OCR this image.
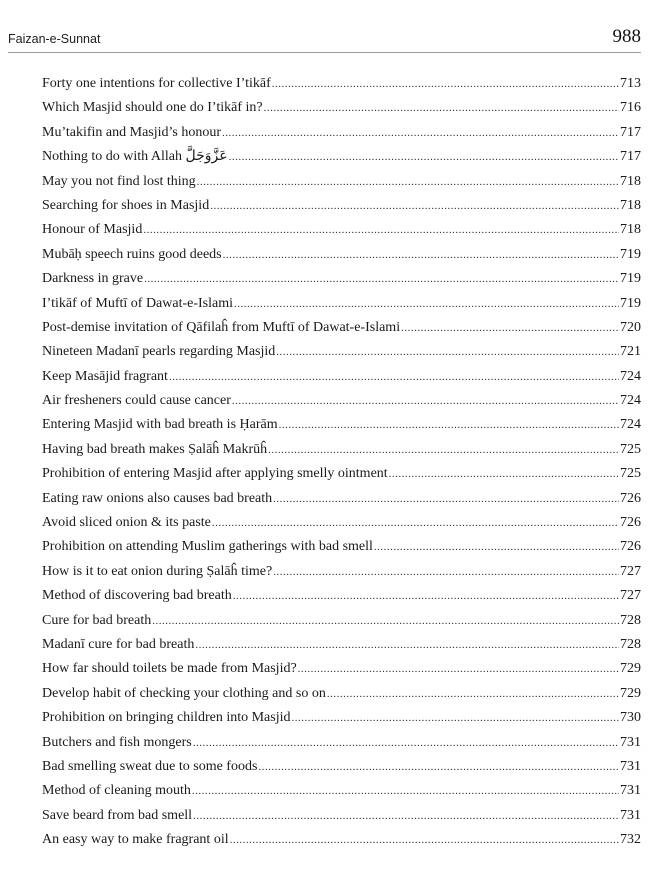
Faizan-e-Sunnat	988
Forty one intentions for collective I’tikāf .....	713
Which Masjid should one do I’tikāf in? .....	716
Mu’takifin and Masjid’s honour .....	717
Nothing to do with Allah عَزَّوَجَلَّ .....	717
May you not find lost thing .....	718
Searching for shoes in Masjid .....	718
Honour of Masjid .....	718
Mubāḥ speech ruins good deeds .....	719
Darkness in grave .....	719
I’tikāf of Muftī of Dawat-e-Islami .....	719
Post-demise invitation of Qāfilaĥ from Muftī of Dawat-e-Islami .....	720
Nineteen Madanī pearls regarding Masjid .....	721
Keep Masājid fragrant .....	724
Air fresheners could cause cancer .....	724
Entering Masjid with bad breath is Ḥarām .....	724
Having bad breath makes Ṣalāĥ Makrūĥ .....	725
Prohibition of entering Masjid after applying smelly ointment .....	725
Eating raw onions also causes bad breath .....	726
Avoid sliced onion & its paste .....	726
Prohibition on attending Muslim gatherings with bad smell .....	726
How is it to eat onion during Ṣalāĥ time? .....	727
Method of discovering bad breath .....	727
Cure for bad breath .....	728
Madanī cure for bad breath .....	728
How far should toilets be made from Masjid? .....	729
Develop habit of checking your clothing and so on .....	729
Prohibition on bringing children into Masjid .....	730
Butchers and fish mongers .....	731
Bad smelling sweat due to some foods .....	731
Method of cleaning mouth .....	731
Save beard from bad smell .....	731
An easy way to make fragrant oil .....	732
